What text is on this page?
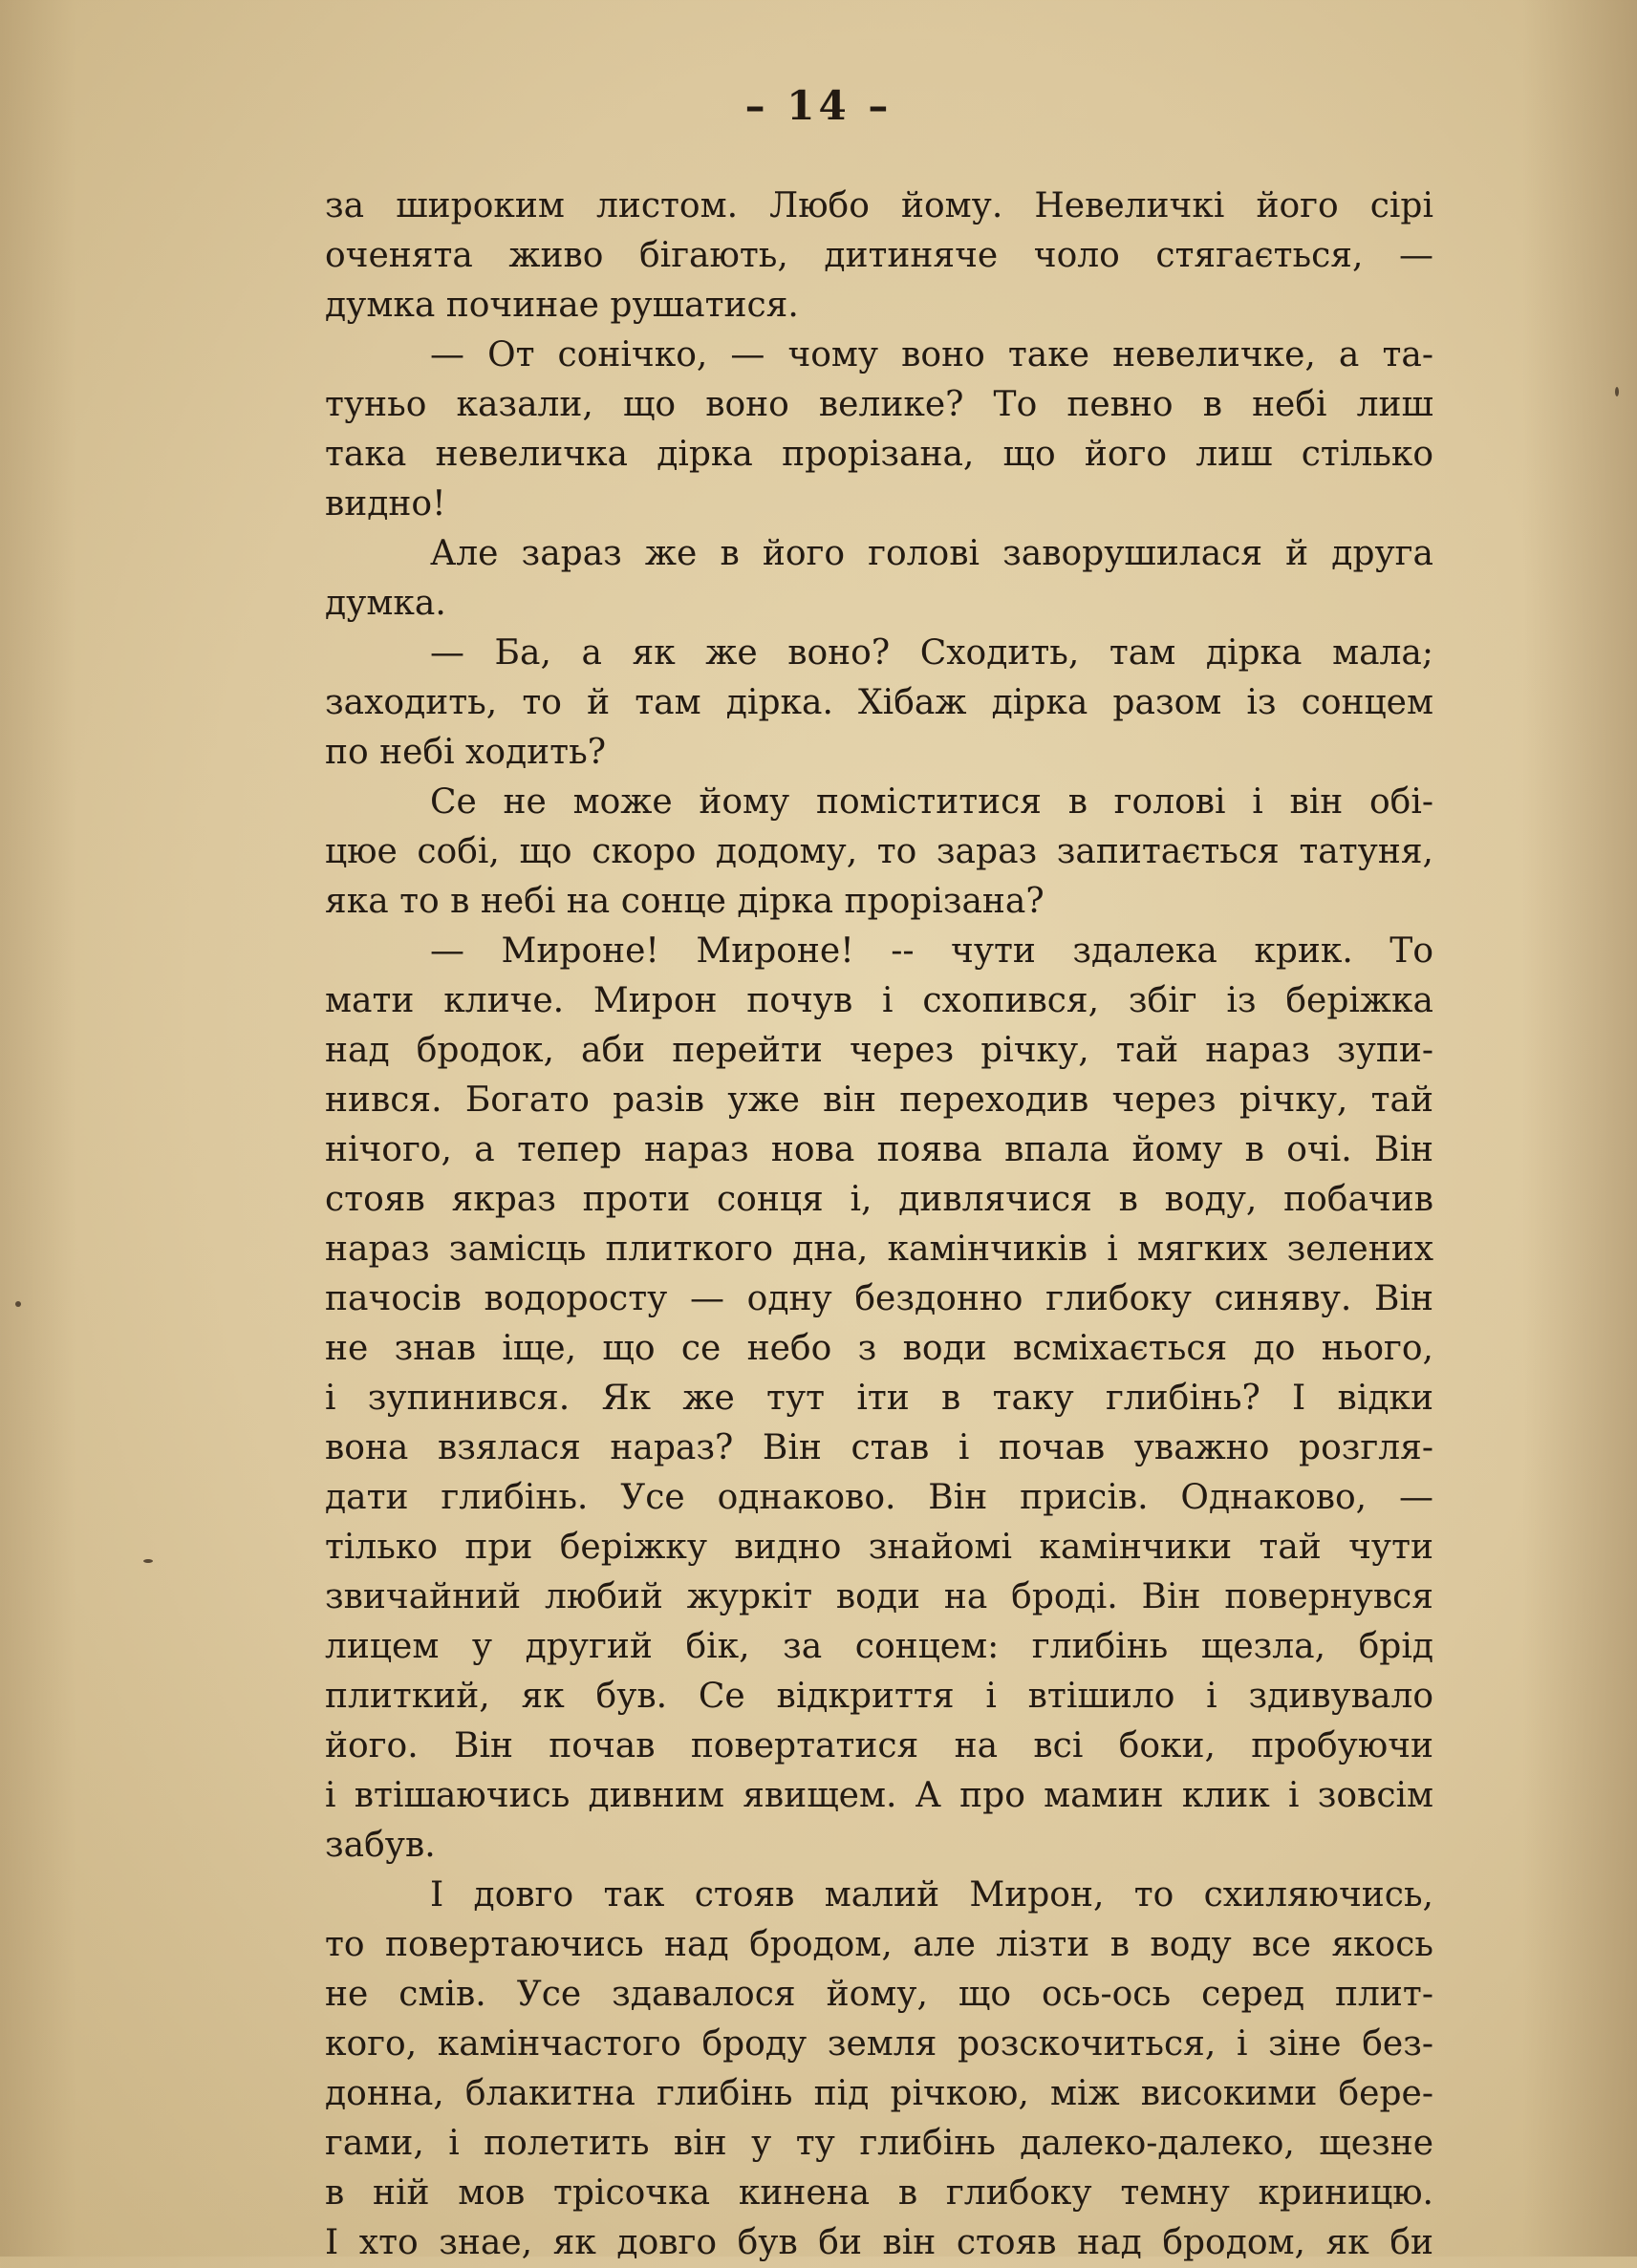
– 14 –
за широким листом. Любо йому. Невеличкі його сірі
оченята живо бігають, дитиняче чоло стягається, —
думка починае рушатися.
— От сонічко, — чому воно таке невеличке, а та-
туньо казали, що воно велике? То певно в небі лиш
така невеличка дірка прорізана, що його лиш стілько
видно!
Але зараз же в його голові заворушилася й друга
думка.
— Ба, а як же воно? Сходить, там дірка мала;
заходить, то й там дірка. Хібаж дірка разом із сонцем
по небі ходить?
Се не може йому поміститися в голові і він обі-
цюе собі, що скоро додому, то зараз запитається татуня,
яка то в небі на сонце дірка прорізана?
— Мироне! Мироне! -- чути здалека крик. То
мати кличе. Мирон почув і схопився, збіг із беріжка
над бродок, аби перейти через річку, тай нараз зупи-
нився. Богато разів уже він переходив через річку, тай
нічого, а тепер нараз нова поява впала йому в очі. Він
стояв якраз проти сонця і, дивлячися в воду, побачив
нараз замісць плиткого дна, камінчиків і мягких зелених
пачосів водоросту — одну бездонно глибоку синяву. Він
не знав іще, що се небо з води всміхається до нього,
і зупинився. Як же тут іти в таку глибінь? І відки
вона взялася нараз? Він став і почав уважно розгля-
дати глибінь. Усе однаково. Він присів. Однаково, —
тілько при беріжку видно знайомі камінчики тай чути
звичайний любий журкіт води на броді. Він повернувся
лицем у другий бік, за сонцем: глибінь щезла, брід
плиткий, як був. Се відкриття і втішило і здивувало
його. Він почав повертатися на всі боки, пробуючи
і втішаючись дивним явищем. А про мамин клик і зовсім
забув.
І довго так стояв малий Мирон, то схиляючись,
то повертаючись над бродом, але лізти в воду все якось
не смів. Усе здавалося йому, що ось-ось серед плит-
кого, камінчастого броду земля розскочиться, і зіне без-
донна, блакитна глибінь під річкою, між високими бере-
гами, і полетить він у ту глибінь далеко-далеко, щезне
в ній мов трісочка кинена в глибоку темну криницю.
І хто знае, як довго був би він стояв над бродом, як би
